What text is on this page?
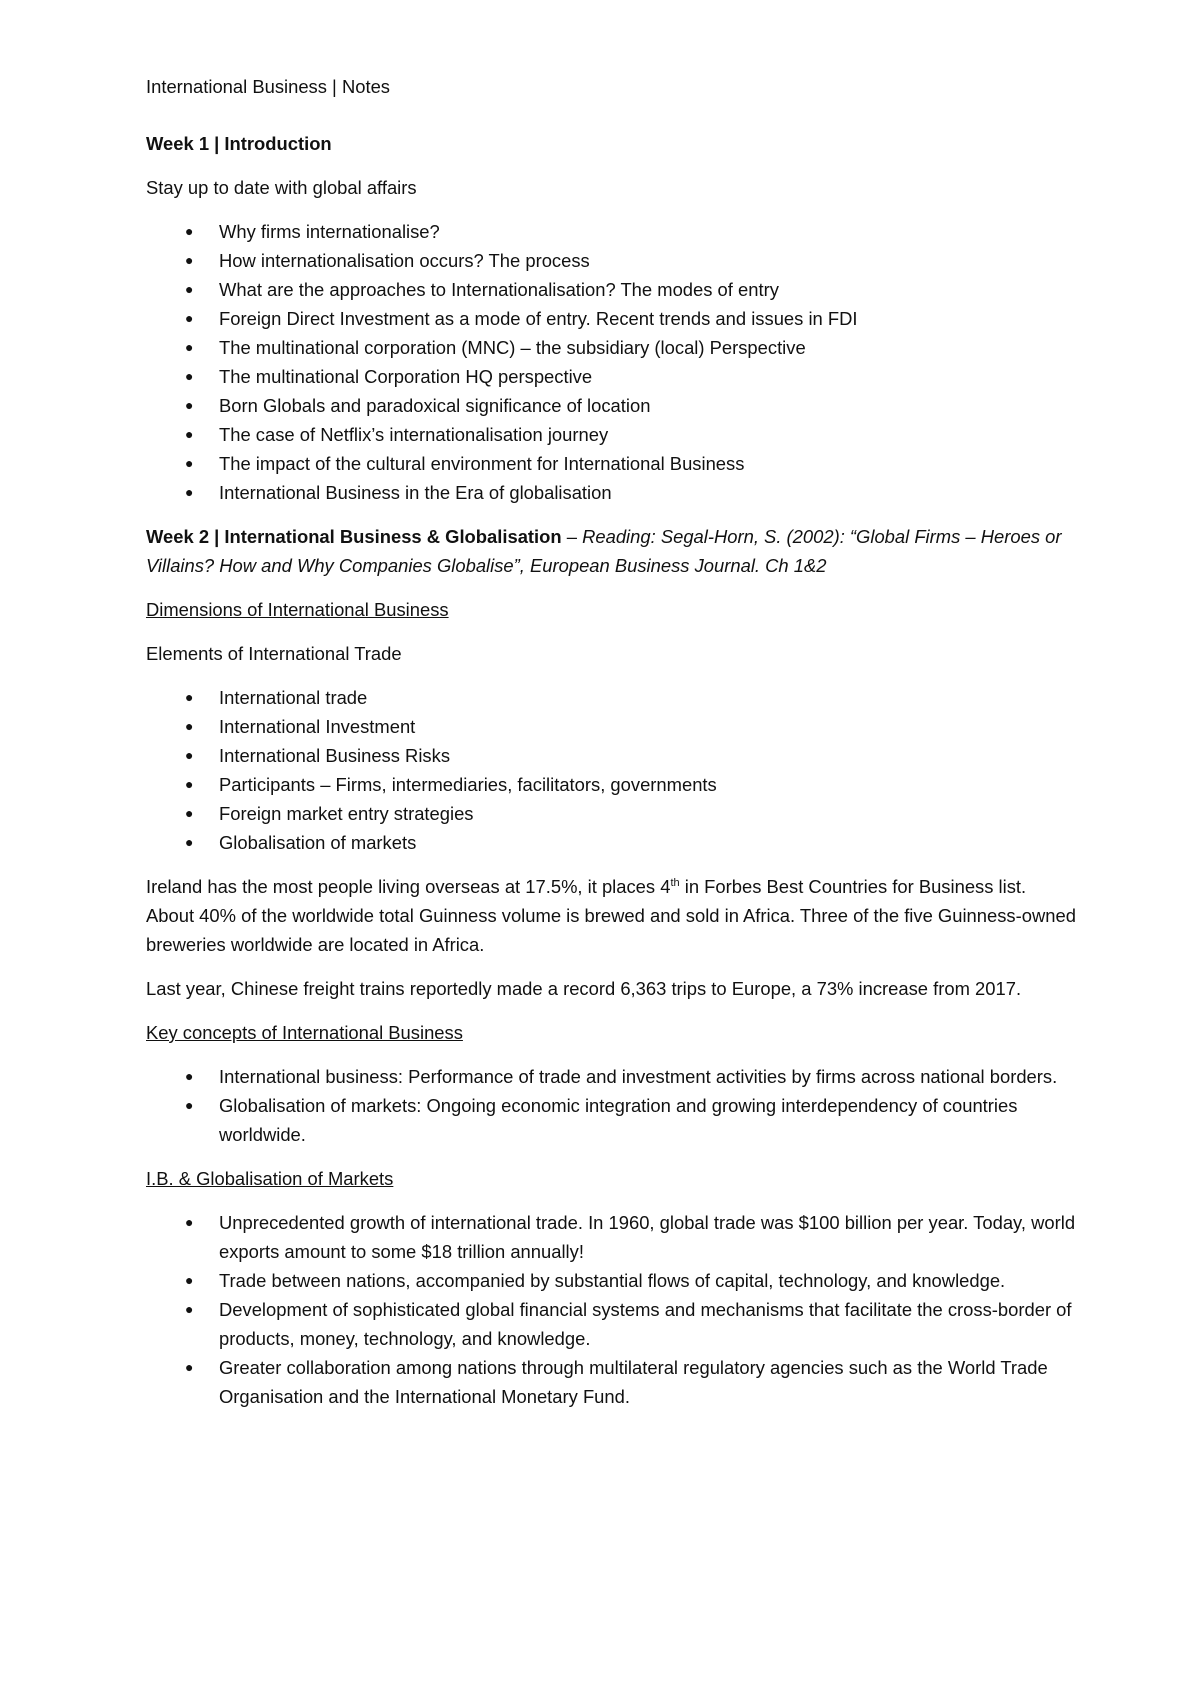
International Business | Notes

Week 1 | Introduction

Stay up to date with global affairs

● Why firms internationalise?
● How internationalisation occurs? The process
● What are the approaches to Internationalisation? The modes of entry
● Foreign Direct Investment as a mode of entry. Recent trends and issues in FDI
● The multinational corporation (MNC) – the subsidiary (local) Perspective
● The multinational Corporation HQ perspective
● Born Globals and paradoxical significance of location
● The case of Netflix’s internationalisation journey
● The impact of the cultural environment for International Business
● International Business in the Era of globalisation

Week 2 | International Business & Globalisation – Reading: Segal-Horn, S. (2002): “Global Firms – Heroes or Villains? How and Why Companies Globalise”, European Business Journal. Ch 1&2

Dimensions of International Business

Elements of International Trade

● International trade
● International Investment
● International Business Risks
● Participants – Firms, intermediaries, facilitators, governments
● Foreign market entry strategies
● Globalisation of markets

Ireland has the most people living overseas at 17.5%, it places 4th in Forbes Best Countries for Business list. About 40% of the worldwide total Guinness volume is brewed and sold in Africa. Three of the five Guinness-owned breweries worldwide are located in Africa.

Last year, Chinese freight trains reportedly made a record 6,363 trips to Europe, a 73% increase from 2017.

Key concepts of International Business

● International business: Performance of trade and investment activities by firms across national borders.
● Globalisation of markets: Ongoing economic integration and growing interdependency of countries worldwide.

I.B. & Globalisation of Markets

● Unprecedented growth of international trade. In 1960, global trade was $100 billion per year. Today, world exports amount to some $18 trillion annually!
● Trade between nations, accompanied by substantial flows of capital, technology, and knowledge.
● Development of sophisticated global financial systems and mechanisms that facilitate the cross-border of products, money, technology, and knowledge.
● Greater collaboration among nations through multilateral regulatory agencies such as the World Trade Organisation and the International Monetary Fund.
